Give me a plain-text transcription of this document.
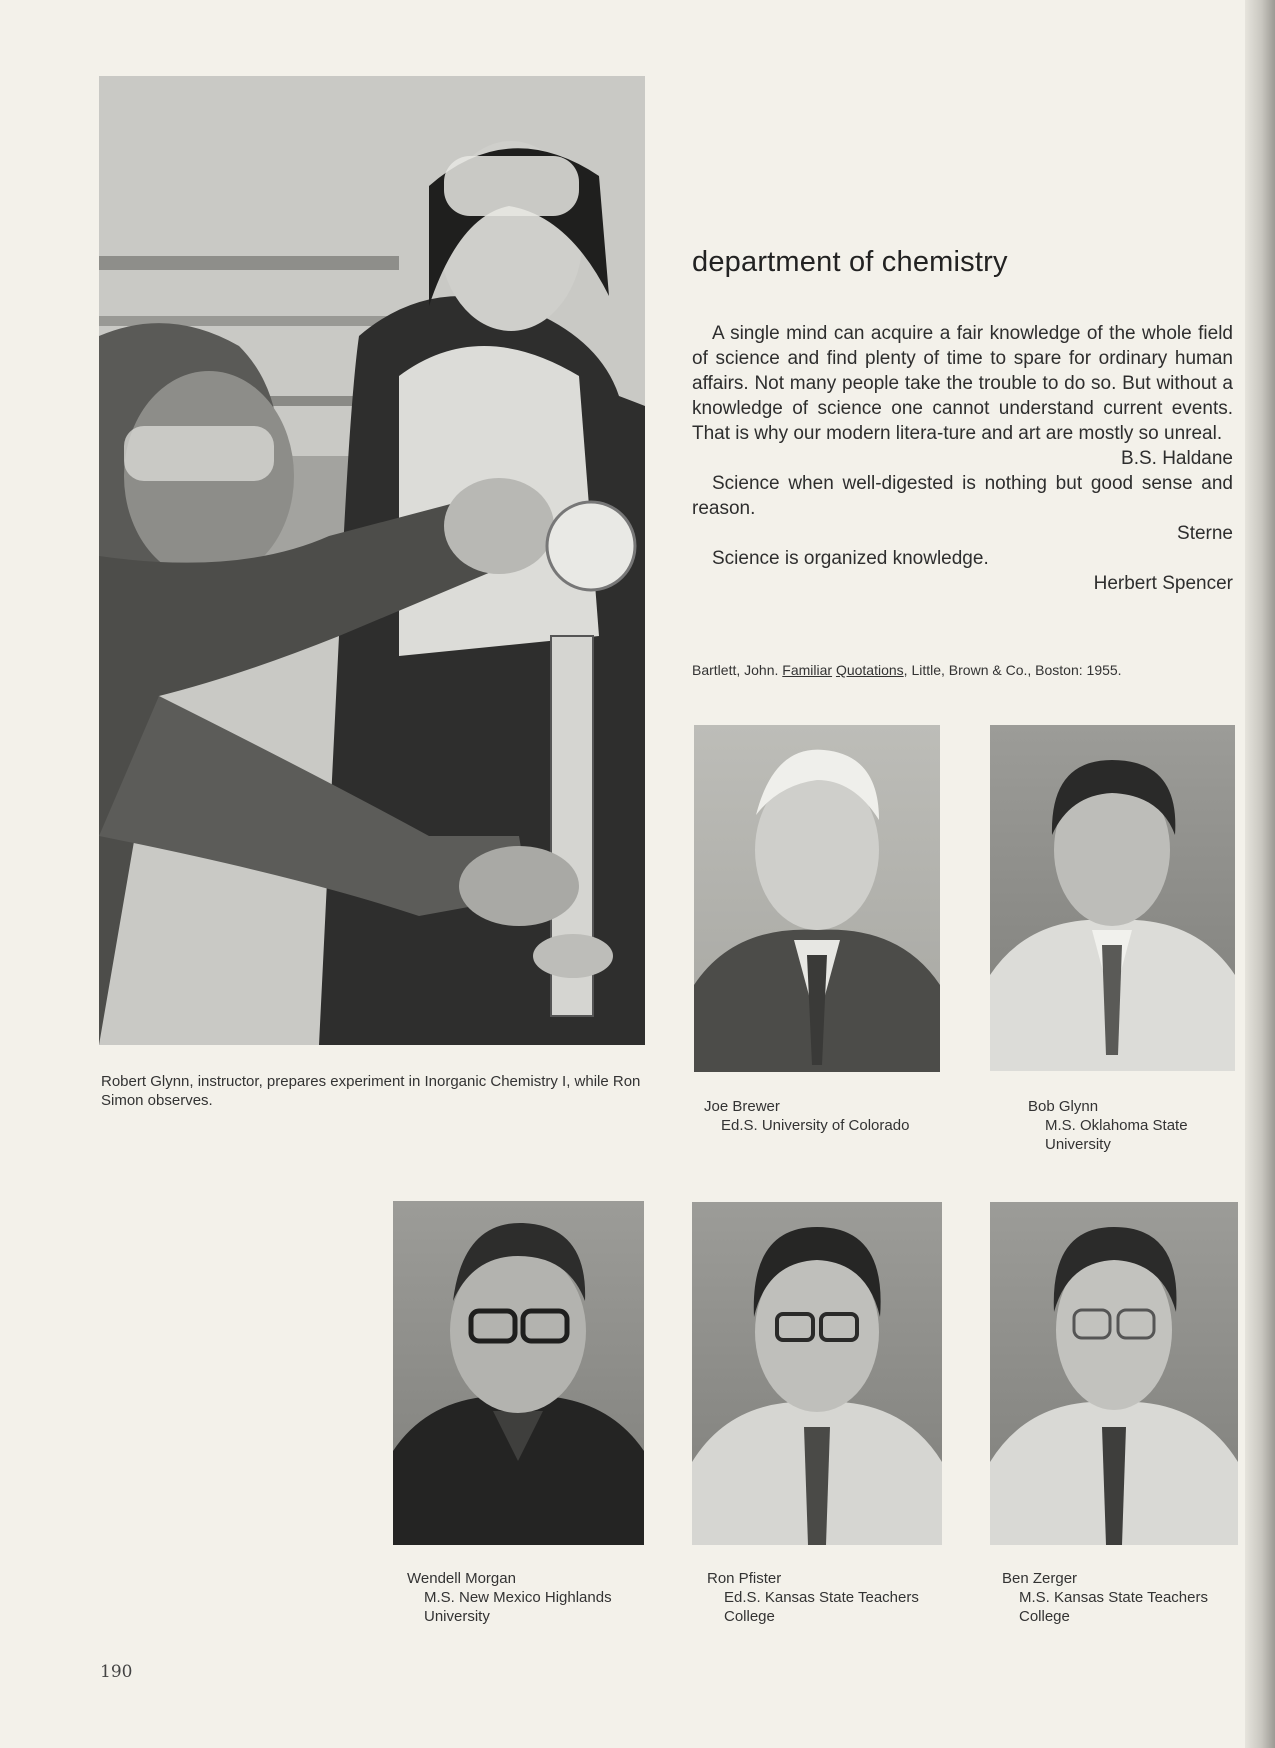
Robert Glynn, instructor, prepares experiment in Inorganic Chemistry I, while Ron Simon observes.
department of chemistry

A single mind can acquire a fair knowledge of the whole field of science and find plenty of time to spare for ordinary human affairs. Not many people take the trouble to do so. But without a knowledge of science one cannot understand current events. That is why our modern litera-ture and art are mostly so unreal.

B.S. Haldane

Science when well-digested is nothing but good sense and reason.

Sterne

Science is organized knowledge.

Herbert Spencer

Bartlett, John. Familiar Quotations, Little, Brown & Co., Boston: 1955.
Joe Brewer
Ed.S. University of Colorado
Bob Glynn
M.S. Oklahoma State
University
Wendell Morgan
M.S. New Mexico Highlands
University
Ron Pfister
Ed.S. Kansas State Teachers
College
Ben Zerger
M.S. Kansas State Teachers
College
190
